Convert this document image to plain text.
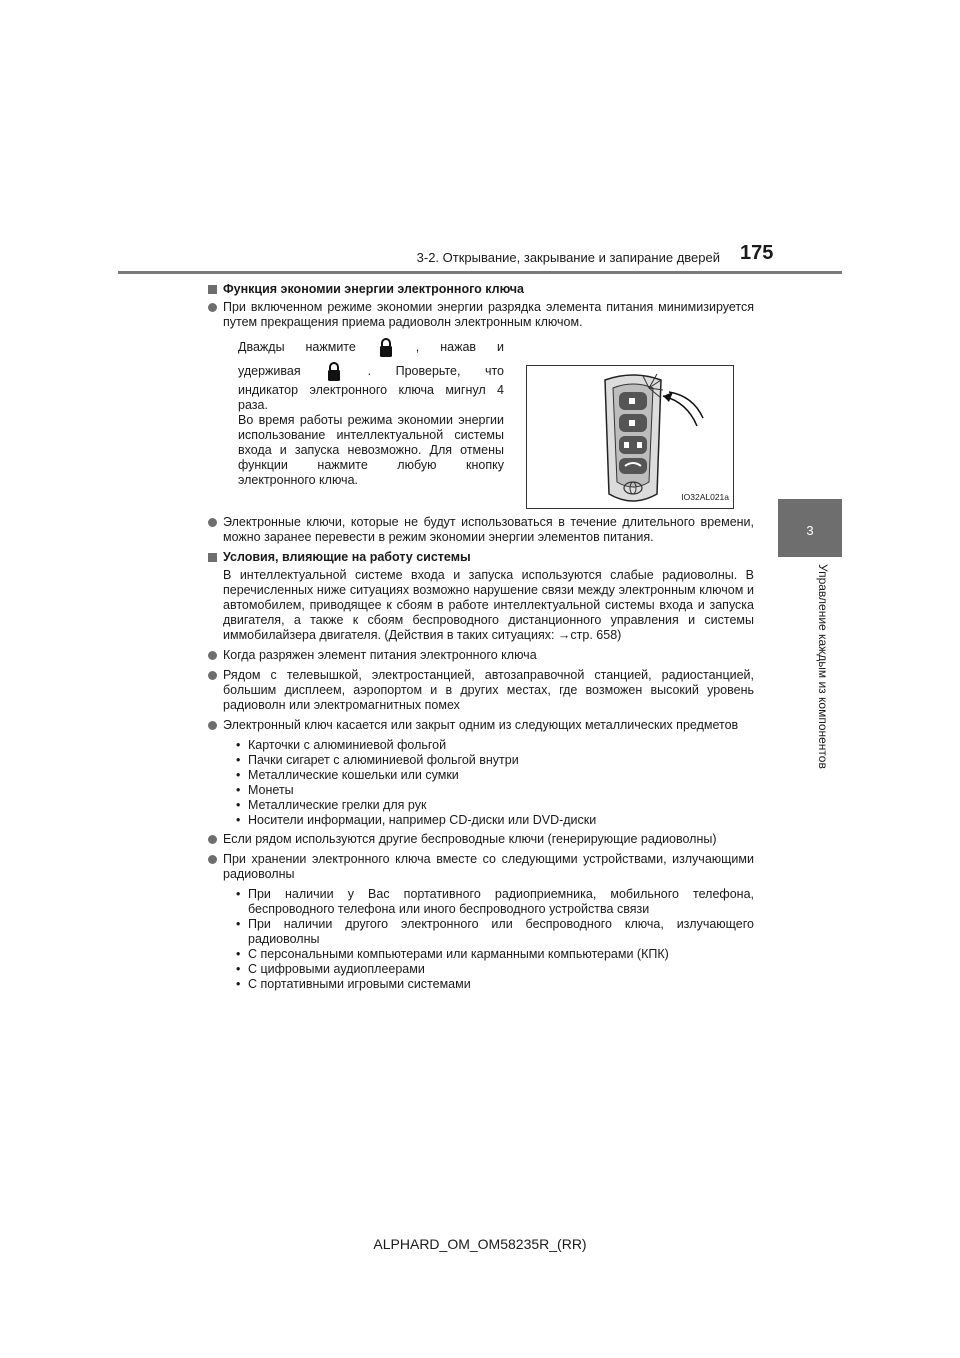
3-2. Открывание, закрывание и запирание дверей 175
3
Управление каждым из компонентов
Функция экономии энергии электронного ключа
При включенном режиме экономии энергии разрядка элемента питания минимизируется путем прекращения приема радиоволн электронным ключом.
Дважды нажмите	, нажав и
удерживая	. Проверьте, что
индикатор электронного ключа мигнул 4 раза.
Во время работы режима экономии энергии использование интеллектуальной системы входа и запуска невозможно. Для отмены функции нажмите любую кнопку электронного ключа.
IO32AL021a
Электронные ключи, которые не будут использоваться в течение длительного времени, можно заранее перевести в режим экономии энергии элементов питания.
Условия, влияющие на работу системы
В интеллектуальной системе входа и запуска используются слабые радиоволны. В перечисленных ниже ситуациях возможно нарушение связи между электронным ключом и автомобилем, приводящее к сбоям в работе интеллектуальной системы входа и запуска двигателя, а также к сбоям беспроводного дистанционного управления и системы иммобилайзера двигателя. (Действия в таких ситуациях: →стр. 658)
Когда разряжен элемент питания электронного ключа
Рядом с телевышкой, электростанцией, автозаправочной станцией, радиостанцией, большим дисплеем, аэропортом и в других местах, где возможен высокий уровень радиоволн или электромагнитных помех
Электронный ключ касается или закрыт одним из следующих металлических предметов
• Карточки с алюминиевой фольгой
• Пачки сигарет с алюминиевой фольгой внутри
• Металлические кошельки или сумки
• Монеты
• Металлические грелки для рук
• Носители информации, например CD-диски или DVD-диски
Если рядом используются другие беспроводные ключи (генерирующие радиоволны)
При хранении электронного ключа вместе со следующими устройствами, излучающими радиоволны
• При наличии у Вас портативного радиоприемника, мобильного телефона, беспроводного телефона или иного беспроводного устройства связи
• При наличии другого электронного или беспроводного ключа, излучающего радиоволны
• С персональными компьютерами или карманными компьютерами (КПК)
• С цифровыми аудиоплеерами
• С портативными игровыми системами
ALPHARD_OM_OM58235R_(RR)
